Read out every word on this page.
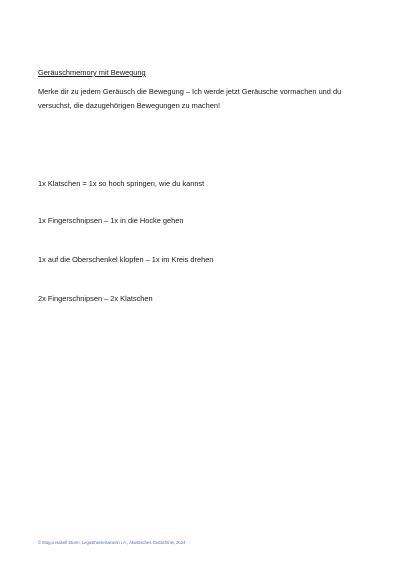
Geräuschmemory mit Bewegung
Merke dir zu jedem Geräusch die Bewegung – Ich werde jetzt Geräusche vormachen und du versuchst, die dazugehörigen Bewegungen zu machen!
1x Klatschen = 1x so hoch springen, wie du kannst
1x Fingerschnipsen – 1x in die Hocke gehen
1x auf die Oberschenkel klopfen – 1x im Kreis drehen
2x Fingerschnipsen – 2x Klatschen
© Mag.a Isabell Sturm, Legasthenietrainerin i.A., Akustisches Gedächtnis, 2024
